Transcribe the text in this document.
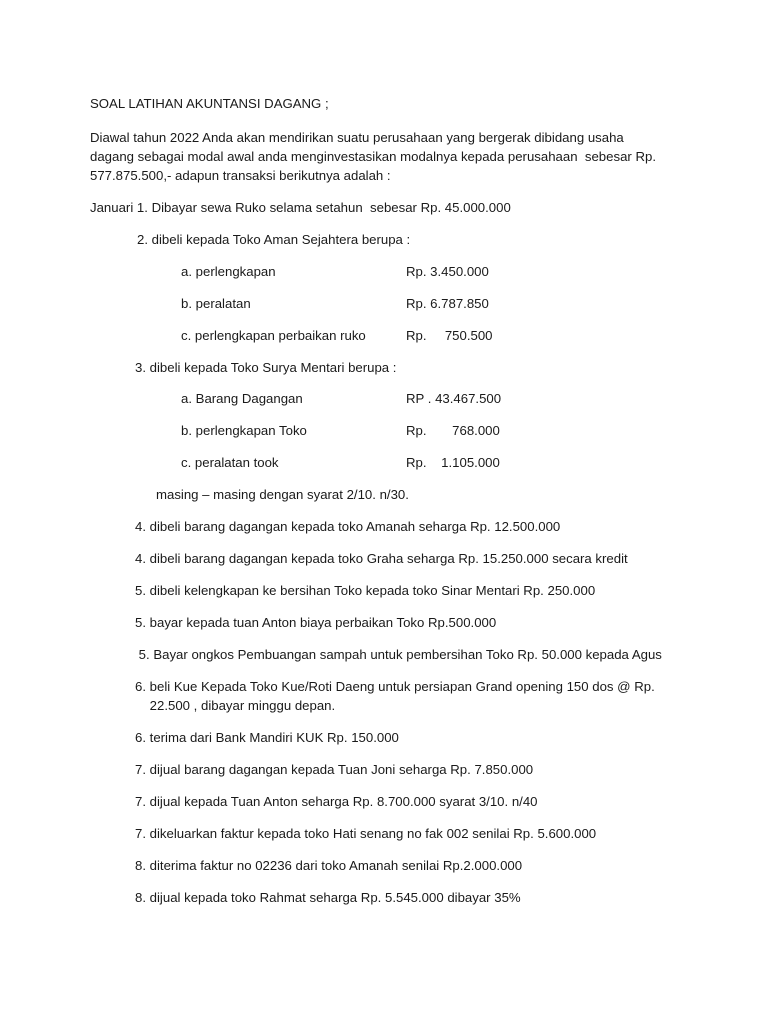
SOAL LATIHAN AKUNTANSI DAGANG ;
Diawal tahun 2022 Anda akan mendirikan suatu perusahaan yang bergerak dibidang usaha
dagang sebagai modal awal anda menginvestasikan modalnya kepada perusahaan  sebesar Rp.
577.875.500,- adapun transaksi berikutnya adalah :
Januari 1. Dibayar sewa Ruko selama setahun  sebesar Rp. 45.000.000
2. dibeli kepada Toko Aman Sejahtera berupa :
a. perlengkapan	Rp. 3.450.000
b. peralatan	Rp. 6.787.850
c. perlengkapan perbaikan ruko	Rp.     750.500
3. dibeli kepada Toko Surya Mentari berupa :
a. Barang Dagangan	RP . 43.467.500
b. perlengkapan Toko	Rp.       768.000
c. peralatan took	Rp.    1.105.000
masing – masing dengan syarat 2/10. n/30.
4. dibeli barang dagangan kepada toko Amanah seharga Rp. 12.500.000
4. dibeli barang dagangan kepada toko Graha seharga Rp. 15.250.000 secara kredit
5. dibeli kelengkapan ke bersihan Toko kepada toko Sinar Mentari Rp. 250.000
5. bayar kepada tuan Anton biaya perbaikan Toko Rp.500.000
5. Bayar ongkos Pembuangan sampah untuk pembersihan Toko Rp. 50.000 kepada Agus
6. beli Kue Kepada Toko Kue/Roti Daeng untuk persiapan Grand opening 150 dos @ Rp.
22.500 , dibayar minggu depan.
6. terima dari Bank Mandiri KUK Rp. 150.000
7. dijual barang dagangan kepada Tuan Joni seharga Rp. 7.850.000
7. dijual kepada Tuan Anton seharga Rp. 8.700.000 syarat 3/10. n/40
7. dikeluarkan faktur kepada toko Hati senang no fak 002 senilai Rp. 5.600.000
8. diterima faktur no 02236 dari toko Amanah senilai Rp.2.000.000
8. dijual kepada toko Rahmat seharga Rp. 5.545.000 dibayar 35%
